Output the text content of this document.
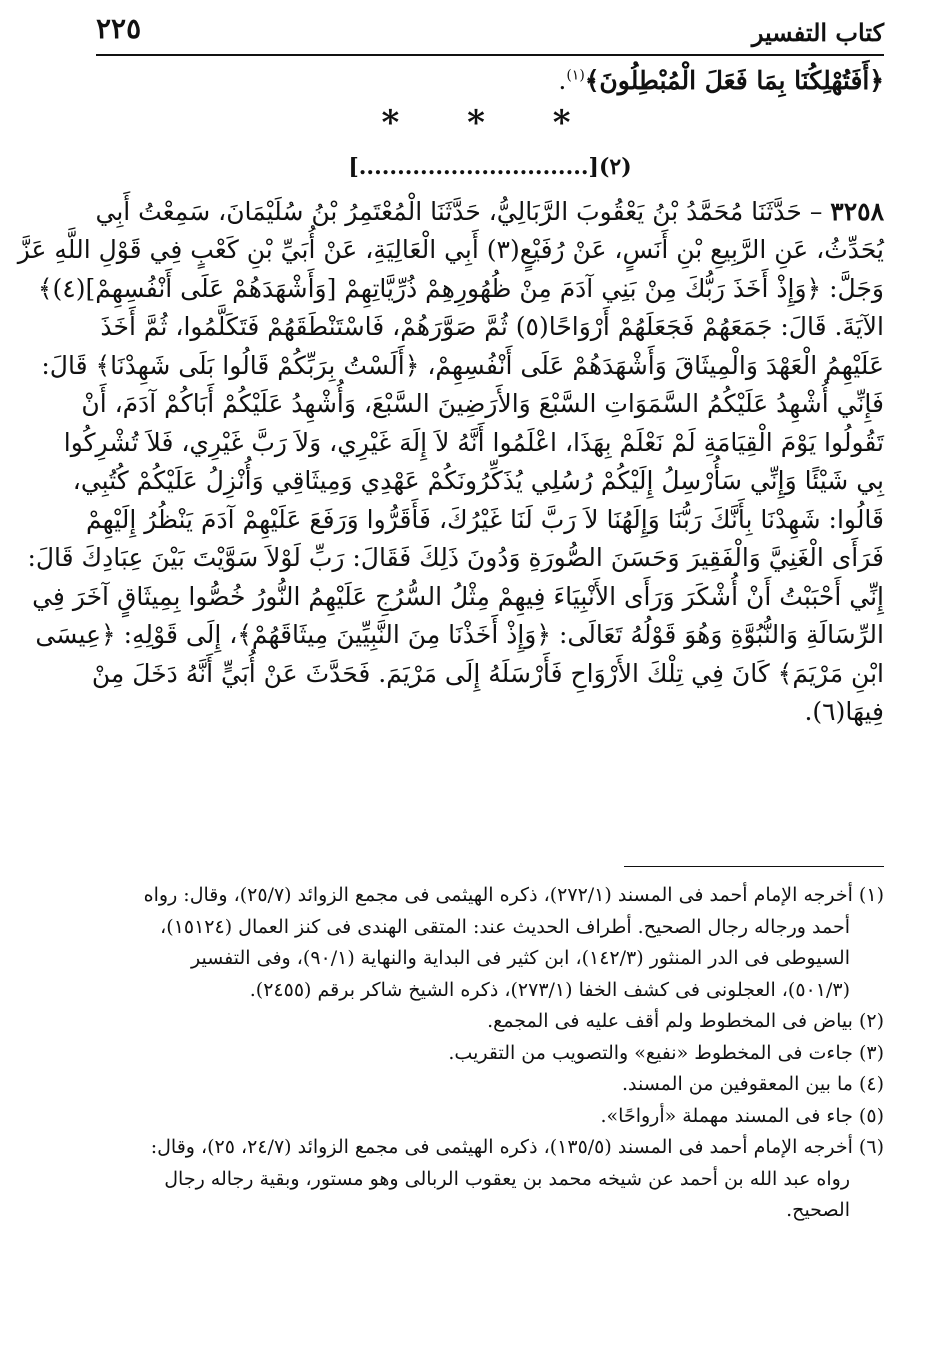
كتاب التفسير
٢٢٥
﴿أَفَتُهْلِكُنَا بِمَا فَعَلَ الْمُبْطِلُونَ﴾$^{(١)}$.
* * *
[..............................](٢)
٣٢٥٨ – حَدَّثَنَا مُحَمَّدُ بْنُ يَعْقُوبَ الرَّبَالِيُّ، حَدَّثَنَا الْمُعْتَمِرُ بْنُ سُلَيْمَانَ، سَمِعْتُ أَبِي
يُحَدِّثُ، عَنِ الرَّبِيعِ بْنِ أَنَسٍ، عَنْ رُفَيْعٍ(٣) أَبِي الْعَالِيَةِ، عَنْ أُبَيِّ بْنِ كَعْبٍ فِي قَوْلِ اللَّهِ عَزَّ
وَجَلَّ: ﴿وَإِذْ أَخَذَ رَبُّكَ مِنْ بَنِي آدَمَ مِنْ ظُهُورِهِمْ ذُرِّيَّاتِهِمْ [وَأَشْهَدَهُمْ عَلَى أَنْفُسِهِمْ](٤)﴾
الآيَةَ. قَالَ: جَمَعَهُمْ فَجَعَلَهُمْ أَرْوَاحًا(٥) ثُمَّ صَوَّرَهُمْ، فَاسْتَنْطَقَهُمْ فَتَكَلَّمُوا، ثُمَّ أَخَذَ
عَلَيْهِمُ الْعَهْدَ وَالْمِيثَاقَ وَأَشْهَدَهُمْ عَلَى أَنْفُسِهِمْ، ﴿أَلَسْتُ بِرَبِّكُمْ قَالُوا بَلَى شَهِدْنَا﴾ قَالَ:
فَإِنِّي أُشْهِدُ عَلَيْكُمُ السَّمَوَاتِ السَّبْعَ وَالأَرَضِينَ السَّبْعَ، وَأُشْهِدُ عَلَيْكُمْ أَبَاكُمْ آدَمَ، أَنْ
تَقُولُوا يَوْمَ الْقِيَامَةِ لَمْ نَعْلَمْ بِهَذَا، اعْلَمُوا أَنَّهُ لاَ إِلَهَ غَيْرِي، وَلاَ رَبَّ غَيْرِي، فَلاَ تُشْرِكُوا
بِي شَيْئًا وَإِنِّي سَأُرْسِلُ إِلَيْكُمْ رُسُلِي يُذَكِّرُونَكُمْ عَهْدِي وَمِيثَاقِي وَأُنْزِلُ عَلَيْكُمْ كُتُبِي،
قَالُوا: شَهِدْنَا بِأَنَّكَ رَبُّنَا وَإِلَهُنَا لاَ رَبَّ لَنَا غَيْرُكَ، فَأَقَرُّوا وَرَفَعَ عَلَيْهِمْ آدَمَ يَنْظُرُ إِلَيْهِمْ
فَرَأَى الْغَنِيَّ وَالْفَقِيرَ وَحَسَنَ الصُّورَةِ وَدُونَ ذَلِكَ فَقَالَ: رَبِّ لَوْلاَ سَوَّيْتَ بَيْنَ عِبَادِكَ قَالَ:
إِنِّي أَحْبَبْتُ أَنْ أُشْكَرَ وَرَأَى الأَنْبِيَاءَ فِيهِمْ مِثْلُ السُّرُجِ عَلَيْهِمُ النُّورُ خُصُّوا بِمِيثَاقٍ آخَرَ فِي
الرِّسَالَةِ وَالنُّبُوَّةِ وَهُوَ قَوْلُهُ تَعَالَى: ﴿وَإِذْ أَخَذْنَا مِنَ النَّبِيِّينَ مِيثَاقَهُمْ﴾، إِلَى قَوْلِهِ: ﴿عِيسَى
ابْنِ مَرْيَمَ﴾ كَانَ فِي تِلْكَ الأَرْوَاحِ فَأَرْسَلَهُ إِلَى مَرْيَمَ. فَحَدَّثَ عَنْ أُبَيٍّ أَنَّهُ دَخَلَ مِنْ
فِيهَا(٦).
(١) أخرجه الإمام أحمد فى المسند (٢٧٢/١)، ذكره الهيثمى فى مجمع الزوائد (٢٥/٧)، وقال: رواه
أحمد ورجاله رجال الصحيح. أطراف الحديث عند: المتقى الهندى فى كنز العمال (١٥١٢٤)،
السيوطى فى الدر المنثور (١٤٢/٣)، ابن كثير فى البداية والنهاية (٩٠/١)، وفى التفسير
(٥٠١/٣)، العجلونى فى كشف الخفا (٢٧٣/١)، ذكره الشيخ شاكر برقم (٢٤٥٥).
(٢) بياض فى المخطوط ولم أقف عليه فى المجمع.
(٣) جاءت فى المخطوط «نفيع» والتصويب من التقريب.
(٤) ما بين المعقوفين من المسند.
(٥) جاء فى المسند مهملة «أرواحًا».
(٦) أخرجه الإمام أحمد فى المسند (١٣٥/٥)، ذكره الهيثمى فى مجمع الزوائد (٢٤/٧، ٢٥)، وقال:
رواه عبد الله بن أحمد عن شيخه محمد بن يعقوب الربالى وهو مستور، وبقية رجاله رجال
الصحيح.
